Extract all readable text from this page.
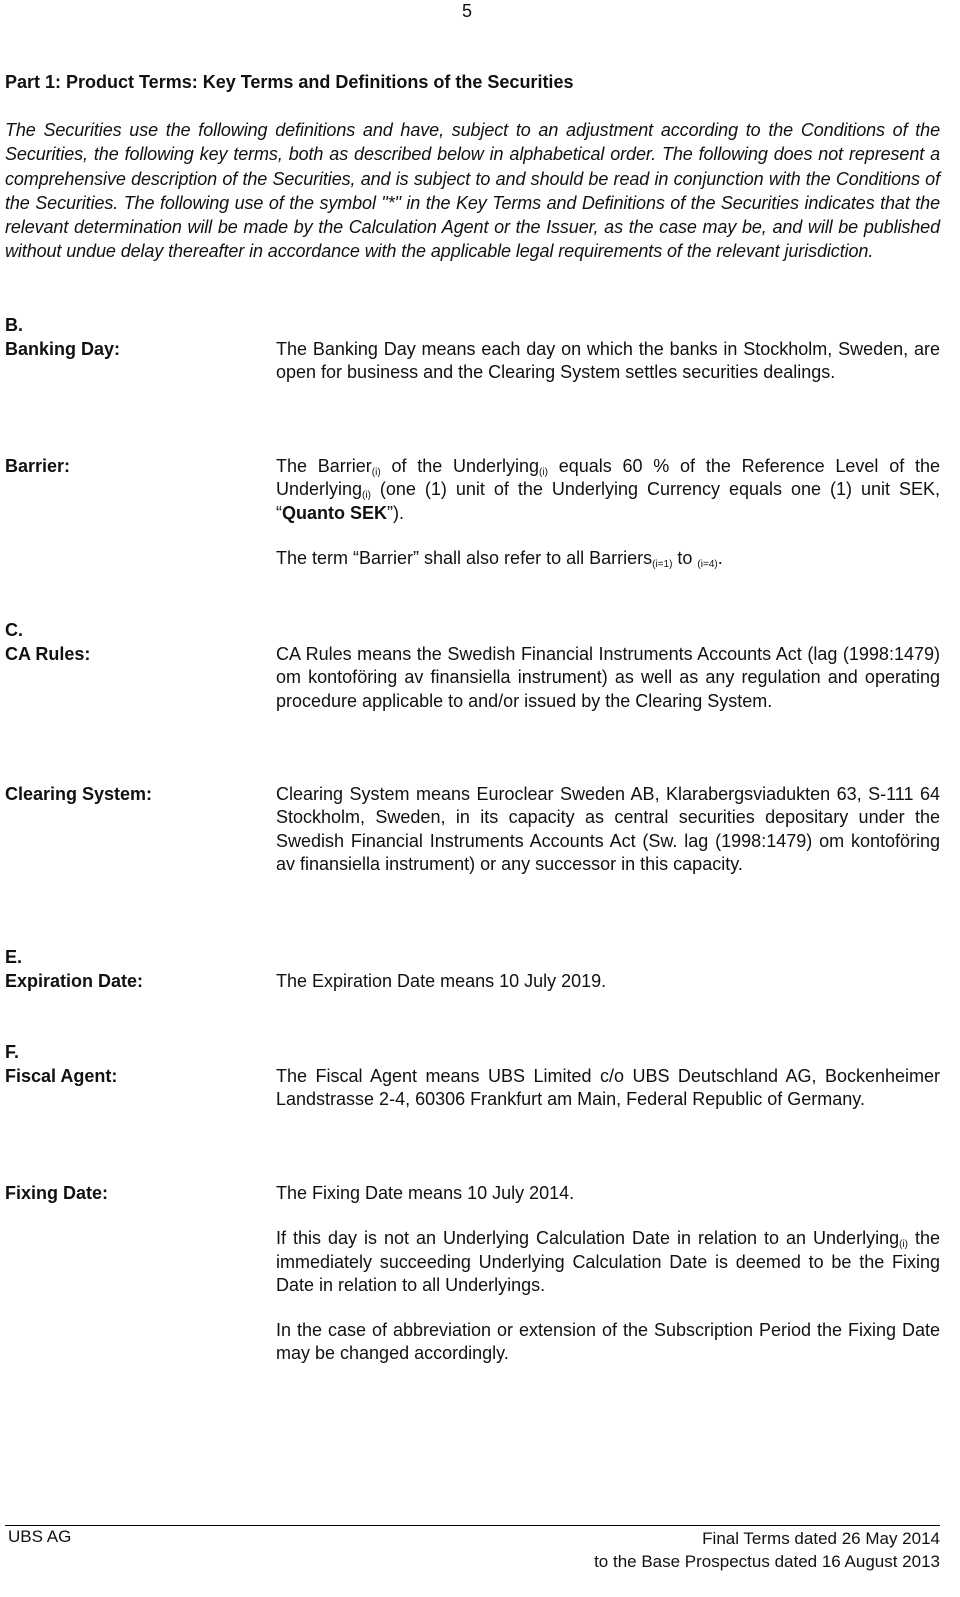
5
Part 1: Product Terms: Key Terms and Definitions of the Securities
The Securities use the following definitions and have, subject to an adjustment according to the Conditions of the Securities, the following key terms, both as described below in alphabetical order. The following does not represent a comprehensive description of the Securities, and is subject to and should be read in conjunction with the Conditions of the Securities. The following use of the symbol "*" in the Key Terms and Definitions of the Securities indicates that the relevant determination will be made by the Calculation Agent or the Issuer, as the case may be, and will be published without undue delay thereafter in accordance with the applicable legal requirements of the relevant jurisdiction.
B.
Banking Day:	The Banking Day means each day on which the banks in Stockholm, Sweden, are open for business and the Clearing System settles securities dealings.

Barrier:	The Barrier$_{(i)}$ of the Underlying$_{(i)}$ equals 60 % of the Reference Level of the Underlying$_{(i)}$ (one (1) unit of the Underlying Currency equals one (1) unit SEK, “Quanto SEK”).

The term “Barrier” shall also refer to all Barriers$_{(i=1)}$ to $_{(i=4)}$.

C.
CA Rules:	CA Rules means the Swedish Financial Instruments Accounts Act (lag (1998:1479) om kontoföring av finansiella instrument) as well as any regulation and operating procedure applicable to and/or issued by the Clearing System.

Clearing System:	Clearing System means Euroclear Sweden AB, Klarabergsviadukten 63, S-111 64 Stockholm, Sweden, in its capacity as central securities depositary under the Swedish Financial Instruments Accounts Act (Sw. lag (1998:1479) om kontoföring av finansiella instrument) or any successor in this capacity.

E.
Expiration Date:	The Expiration Date means 10 July 2019.

F.
Fiscal Agent:	The Fiscal Agent means UBS Limited c/o UBS Deutschland AG, Bockenheimer Landstrasse 2-4, 60306 Frankfurt am Main, Federal Republic of Germany.

Fixing Date:	The Fixing Date means 10 July 2014.

If this day is not an Underlying Calculation Date in relation to an Underlying$_{(i)}$ the immediately succeeding Underlying Calculation Date is deemed to be the Fixing Date in relation to all Underlyings.

In the case of abbreviation or extension of the Subscription Period the Fixing Date may be changed accordingly.

UBS AG	Final Terms dated 26 May 2014
to the Base Prospectus dated 16 August 2013
